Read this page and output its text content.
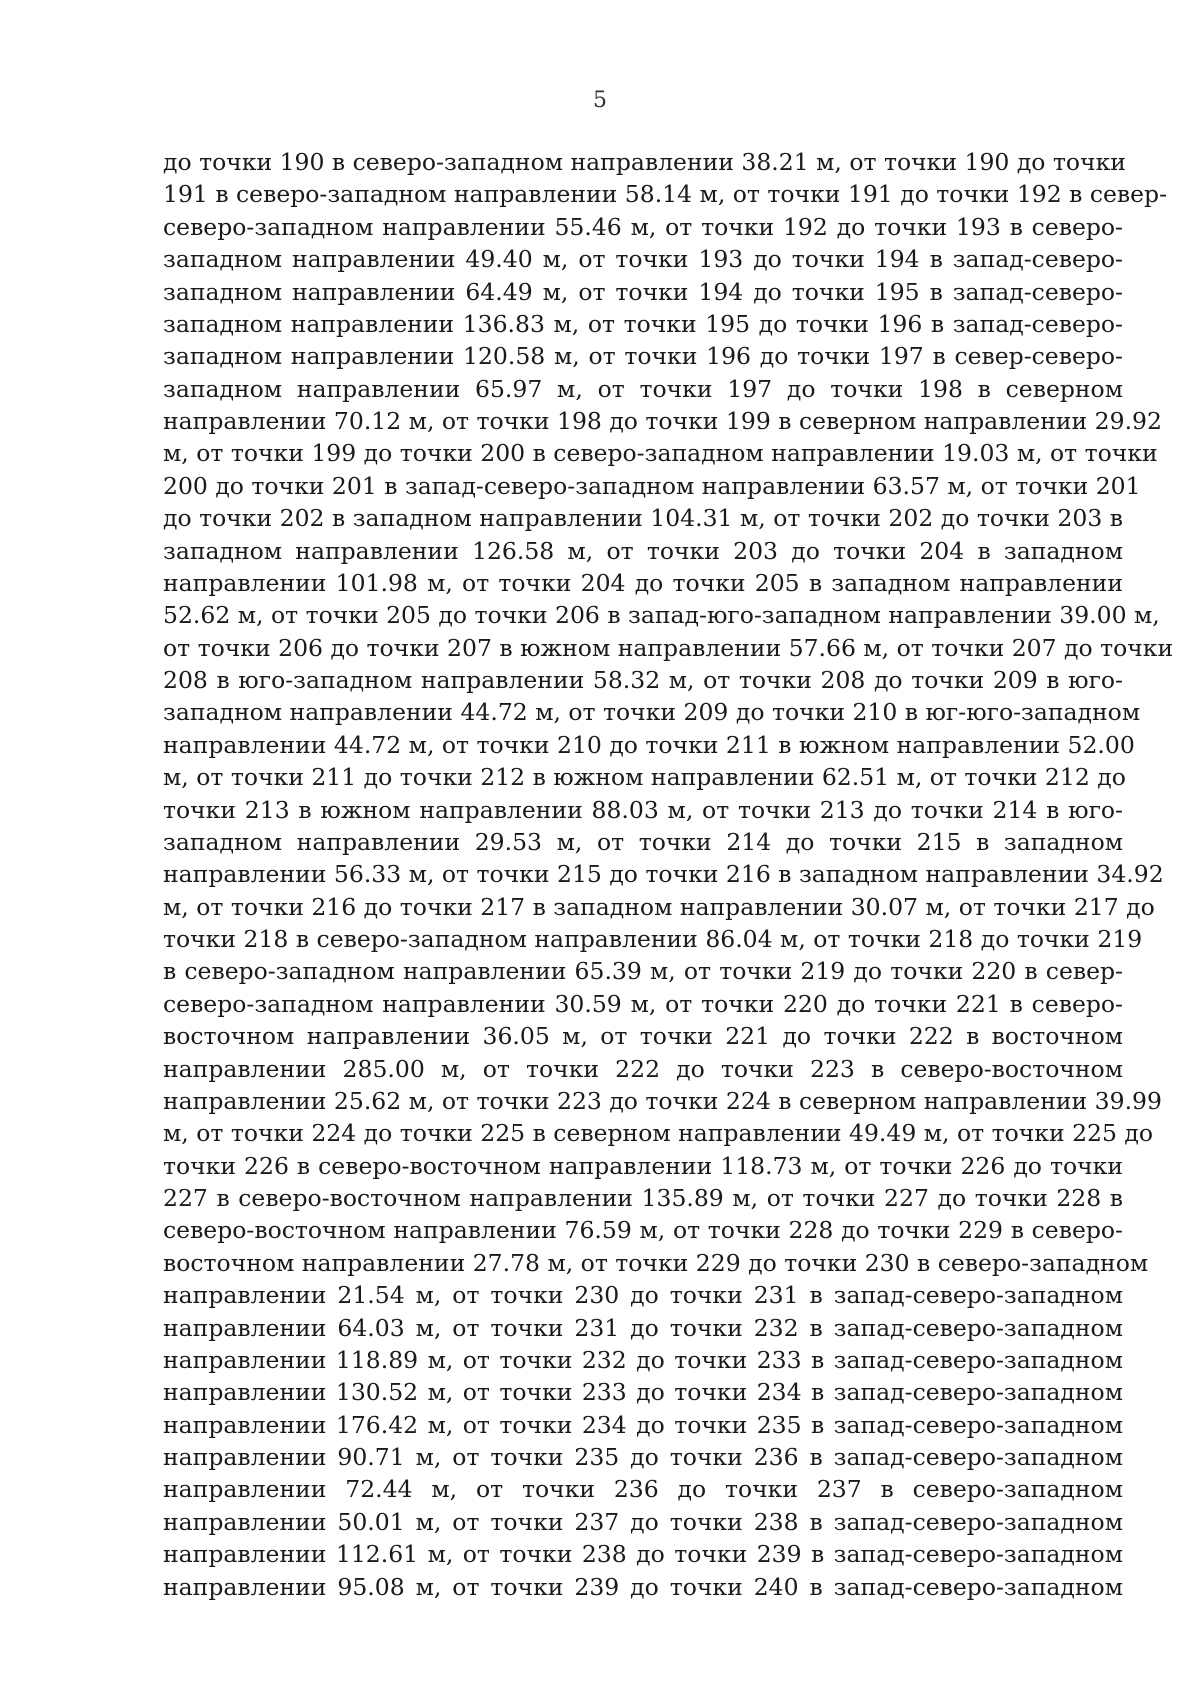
5
до точки 190 в северо-западном направлении 38.21 м, от точки 190 до точки
191 в северо-западном направлении 58.14 м, от точки 191 до точки 192 в север-
северо-западном направлении 55.46 м, от точки 192 до точки 193 в северо-
западном направлении 49.40 м, от точки 193 до точки 194 в запад-северо-
западном направлении 64.49 м, от точки 194 до точки 195 в запад-северо-
западном направлении 136.83 м, от точки 195 до точки 196 в запад-северо-
западном направлении 120.58 м, от точки 196 до точки 197 в север-северо-
западном направлении 65.97 м, от точки 197 до точки 198 в северном
направлении 70.12 м, от точки 198 до точки 199 в северном направлении 29.92
м, от точки 199 до точки 200 в северо-западном направлении 19.03 м, от точки
200 до точки 201 в запад-северо-западном направлении 63.57 м, от точки 201
до точки 202 в западном направлении 104.31 м, от точки 202 до точки 203 в
западном направлении 126.58 м, от точки 203 до точки 204 в западном
направлении 101.98 м, от точки 204 до точки 205 в западном направлении
52.62 м, от точки 205 до точки 206 в запад-юго-западном направлении 39.00 м,
от точки 206 до точки 207 в южном направлении 57.66 м, от точки 207 до точки
208 в юго-западном направлении 58.32 м, от точки 208 до точки 209 в юго-
западном направлении 44.72 м, от точки 209 до точки 210 в юг-юго-западном
направлении 44.72 м, от точки 210 до точки 211 в южном направлении 52.00
м, от точки 211 до точки 212 в южном направлении 62.51 м, от точки 212 до
точки 213 в южном направлении 88.03 м, от точки 213 до точки 214 в юго-
западном направлении 29.53 м, от точки 214 до точки 215 в западном
направлении 56.33 м, от точки 215 до точки 216 в западном направлении 34.92
м, от точки 216 до точки 217 в западном направлении 30.07 м, от точки 217 до
точки 218 в северо-западном направлении 86.04 м, от точки 218 до точки 219
в северо-западном направлении 65.39 м, от точки 219 до точки 220 в север-
северо-западном направлении 30.59 м, от точки 220 до точки 221 в северо-
восточном направлении 36.05 м, от точки 221 до точки 222 в восточном
направлении 285.00 м, от точки 222 до точки 223 в северо-восточном
направлении 25.62 м, от точки 223 до точки 224 в северном направлении 39.99
м, от точки 224 до точки 225 в северном направлении 49.49 м, от точки 225 до
точки 226 в северо-восточном направлении 118.73 м, от точки 226 до точки
227 в северо-восточном направлении 135.89 м, от точки 227 до точки 228 в
северо-восточном направлении 76.59 м, от точки 228 до точки 229 в северо-
восточном направлении 27.78 м, от точки 229 до точки 230 в северо-западном
направлении 21.54 м, от точки 230 до точки 231 в запад-северо-западном
направлении 64.03 м, от точки 231 до точки 232 в запад-северо-западном
направлении 118.89 м, от точки 232 до точки 233 в запад-северо-западном
направлении 130.52 м, от точки 233 до точки 234 в запад-северо-западном
направлении 176.42 м, от точки 234 до точки 235 в запад-северо-западном
направлении 90.71 м, от точки 235 до точки 236 в запад-северо-западном
направлении 72.44 м, от точки 236 до точки 237 в северо-западном
направлении 50.01 м, от точки 237 до точки 238 в запад-северо-западном
направлении 112.61 м, от точки 238 до точки 239 в запад-северо-западном
направлении 95.08 м, от точки 239 до точки 240 в запад-северо-западном
